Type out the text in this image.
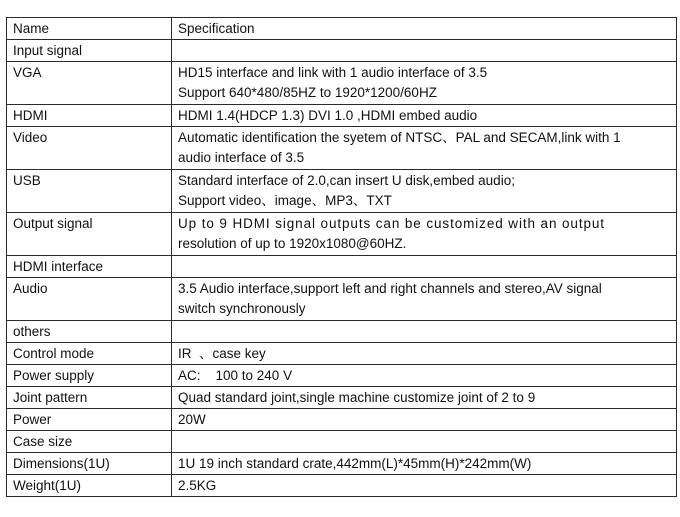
Name	Specification
Input signal	
VGA	HD15 interface and link with 1 audio interface of 3.5
Support 640*480/85HZ to 1920*1200/60HZ

HDMI	HDMI 1.4(HDCP 1.3) DVI 1.0 ,HDMI embed audio
Video	Automatic identification the syetem of NTSC、PAL and SECAM,link with 1
audio interface of 3.5

USB	Standard interface of 2.0,can insert U disk,embed audio;
Support video、image、MP3、TXT

Output signal	Up to 9 HDMI signal outputs can be customized with an output
resolution of up to 1920x1080@60HZ.

HDMI interface	
Audio	3.5 Audio interface,support left and right channels and stereo,AV signal
switch synchronously

others	
Control mode	IR  、case key
Power supply	AC:    100 to 240 V
Joint pattern	Quad standard joint,single machine customize joint of 2 to 9
Power	20W
Case size	
Dimensions(1U)	1U 19 inch standard crate,442mm(L)*45mm(H)*242mm(W)
Weight(1U)	2.5KG
